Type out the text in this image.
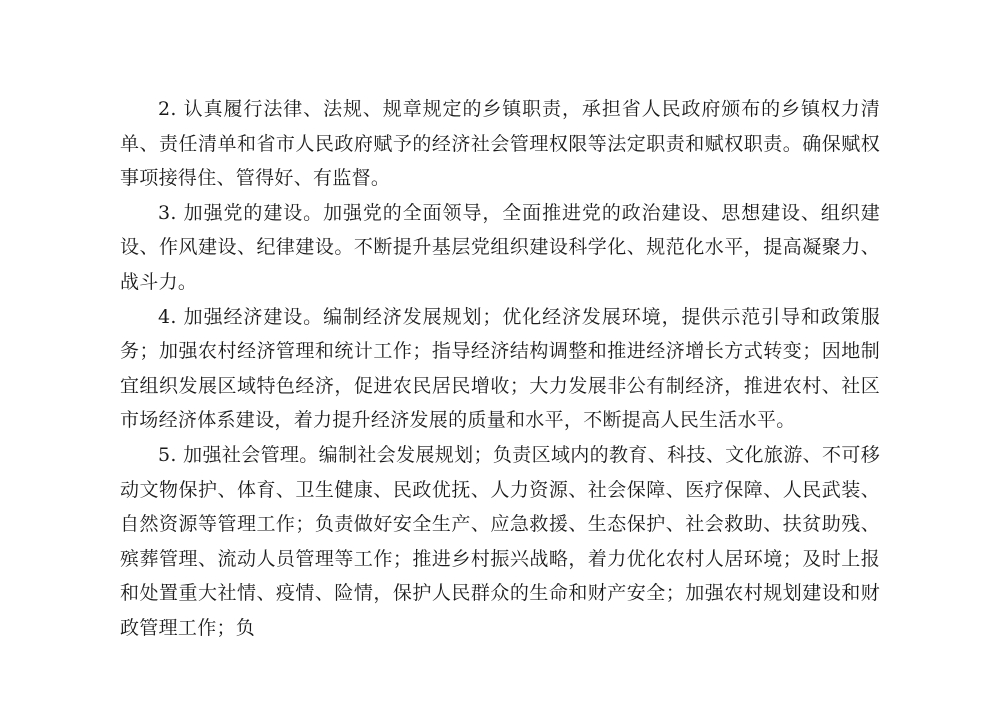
2. 认真履行法律、法规、规章规定的乡镇职责，承担省人民政府颁布的乡镇权力清单、责任清单和省市人民政府赋予的经济社会管理权限等法定职责和赋权职责。确保赋权事项接得住、管得好、有监督。

3. 加强党的建设。加强党的全面领导，全面推进党的政治建设、思想建设、组织建设、作风建设、纪律建设。不断提升基层党组织建设科学化、规范化水平，提高凝聚力、战斗力。

4. 加强经济建设。编制经济发展规划；优化经济发展环境，提供示范引导和政策服务；加强农村经济管理和统计工作；指导经济结构调整和推进经济增长方式转变；因地制宜组织发展区域特色经济，促进农民居民增收；大力发展非公有制经济，推进农村、社区市场经济体系建设，着力提升经济发展的质量和水平，不断提高人民生活水平。

5. 加强社会管理。编制社会发展规划；负责区域内的教育、科技、文化旅游、不可移动文物保护、体育、卫生健康、民政优抚、人力资源、社会保障、医疗保障、人民武装、自然资源等管理工作；负责做好安全生产、应急救援、生态保护、社会救助、扶贫助残、殡葬管理、流动人员管理等工作；推进乡村振兴战略，着力优化农村人居环境；及时上报和处置重大社情、疫情、险情，保护人民群众的生命和财产安全；加强农村规划建设和财政管理工作；负
